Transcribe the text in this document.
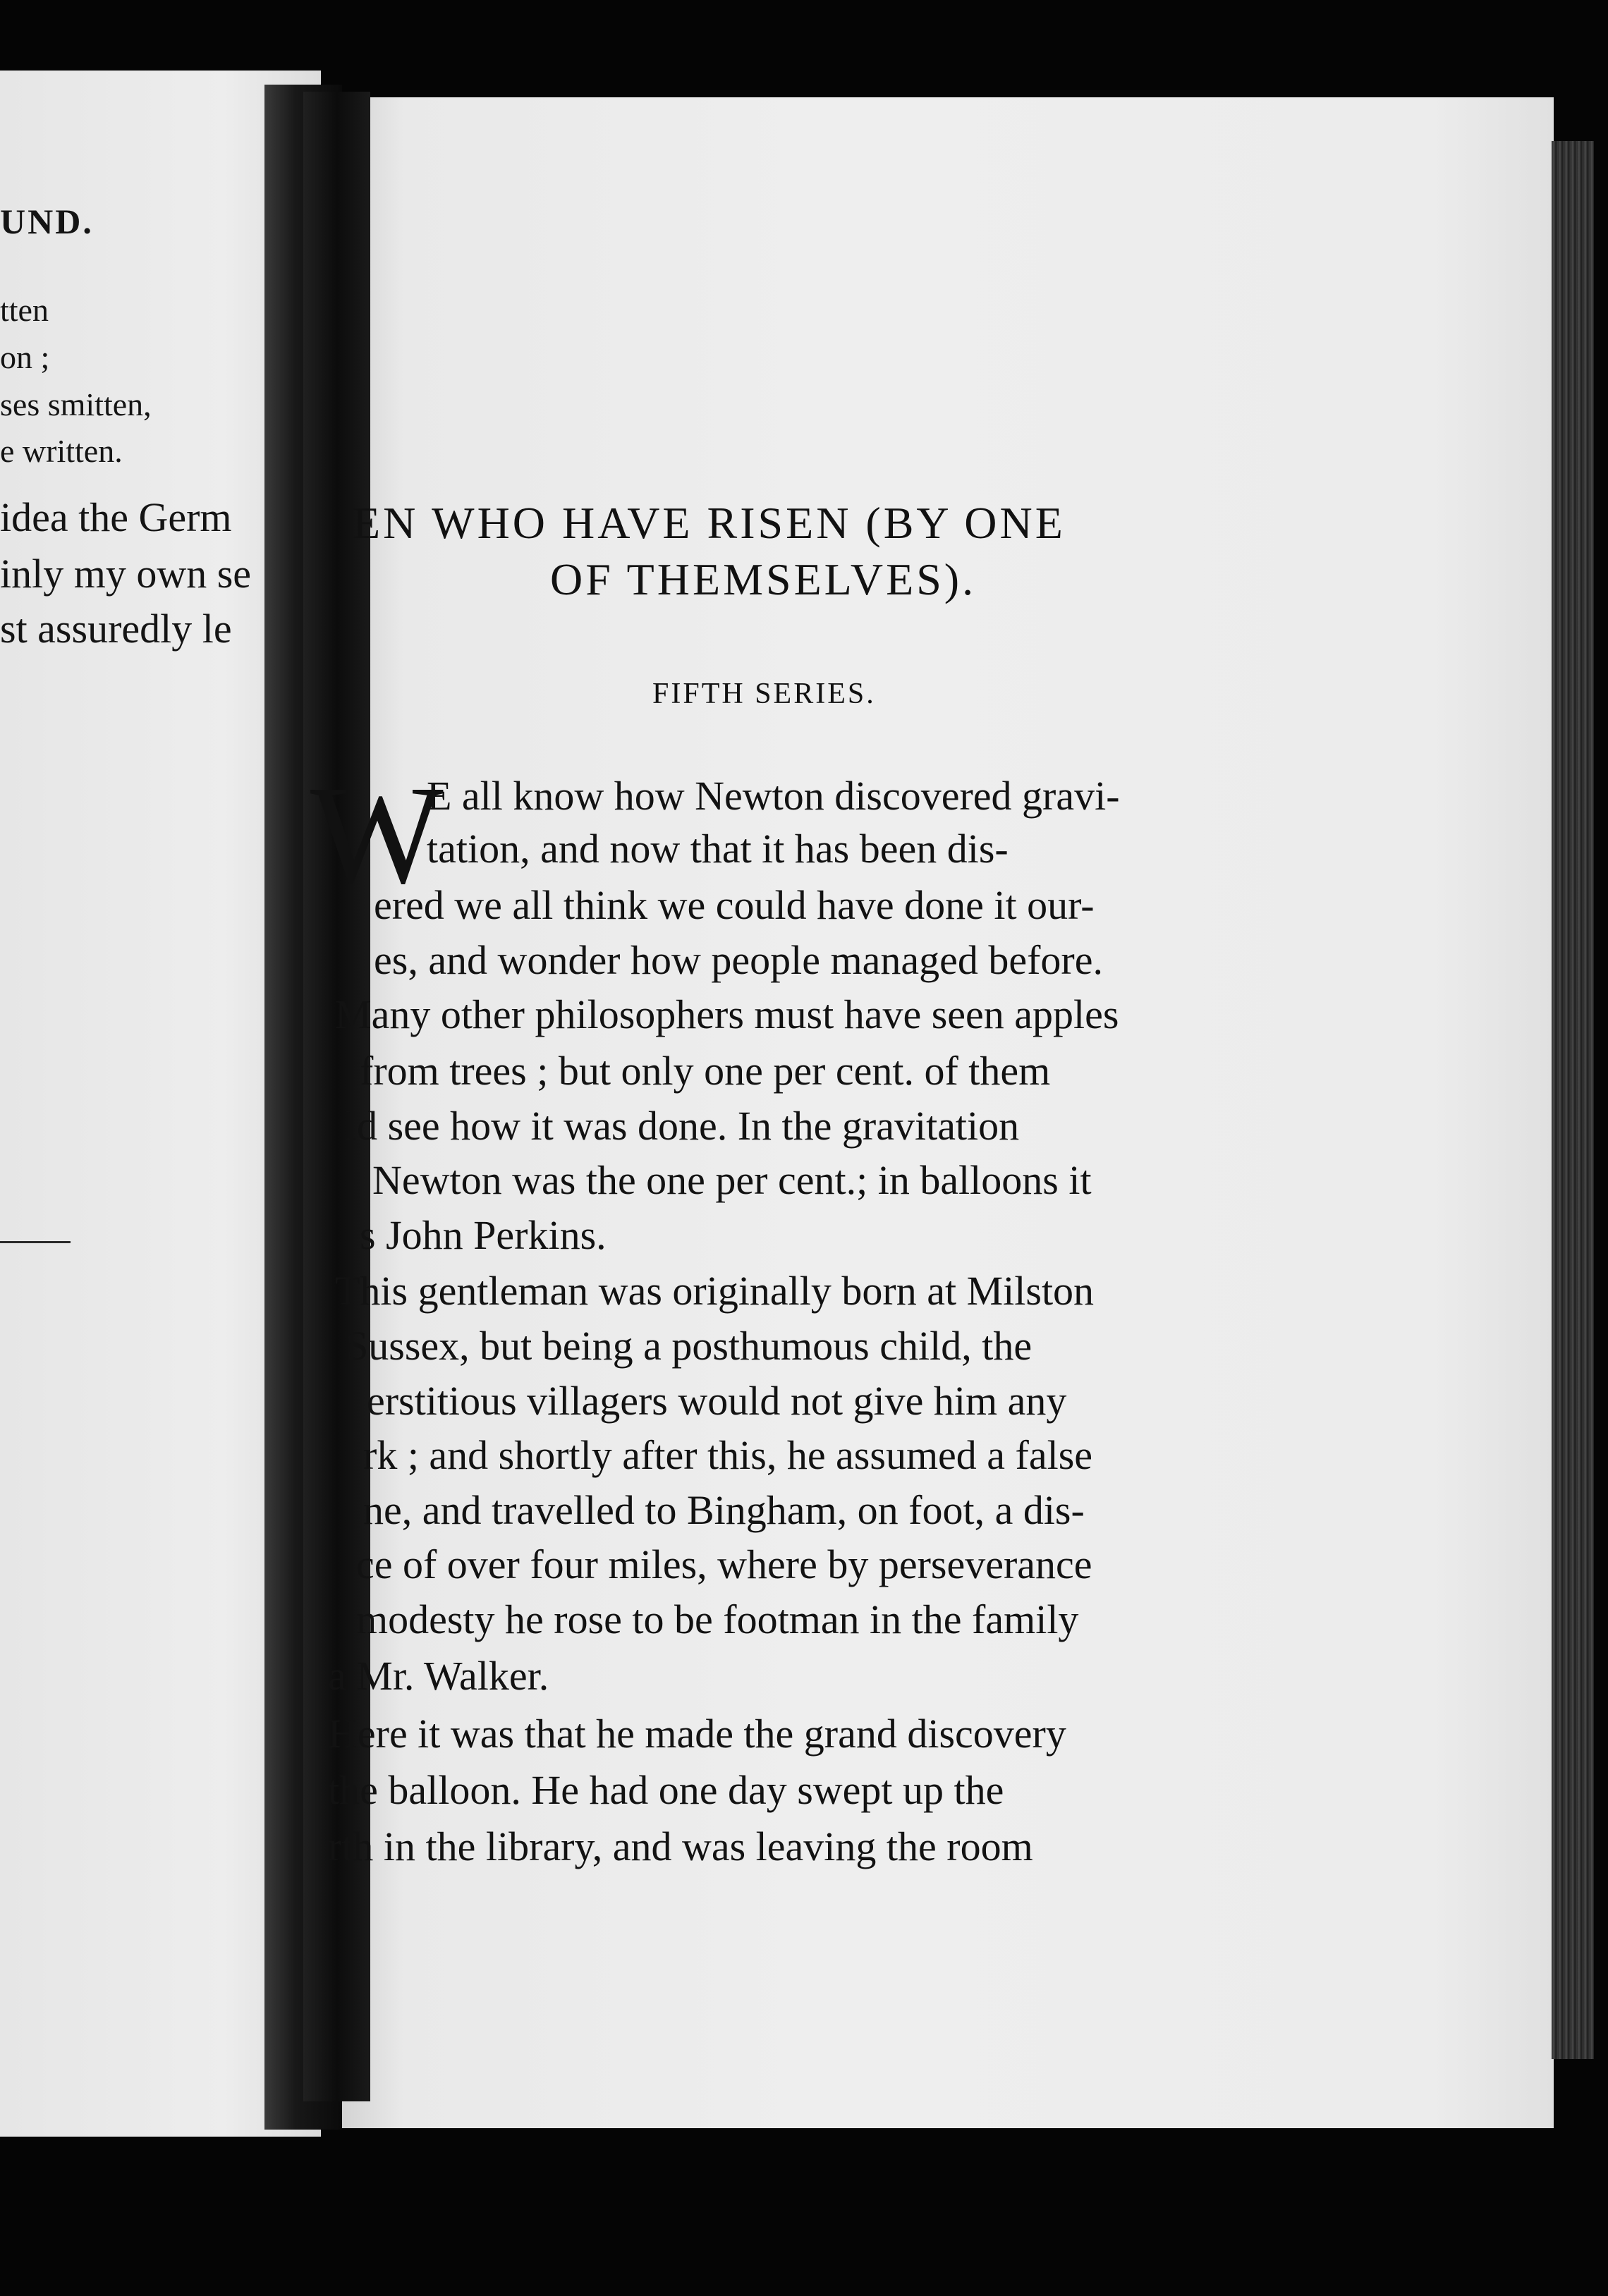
UND.
tten
on ;
ses smitten,
e written.
idea the Germ
inly my own se
st assuredly le
EN WHO HAVE RISEN (BY ONE
OF THEMSELVES).
FIFTH SERIES.
W
E all know how Newton discovered gravi-
tation, and now that it has been dis-
ered we all think we could have done it our-
es, and wonder how people managed before.
Many other philosophers must have seen apples
from trees ; but only one per cent. of them
ld see how it was done. In the gravitation
Newton was the one per cent.; in balloons it
s John Perkins.
This gentleman was originally born at Milston
Sussex, but being a posthumous child, the
erstitious villagers would not give him any
rk ; and shortly after this, he assumed a false
ne, and travelled to Bingham, on foot, a dis-
ce of over four miles, where by perseverance
modesty he rose to be footman in the family
a Mr. Walker.
Here it was that he made the grand discovery
the balloon. He had one day swept up the
rth in the library, and was leaving the room
